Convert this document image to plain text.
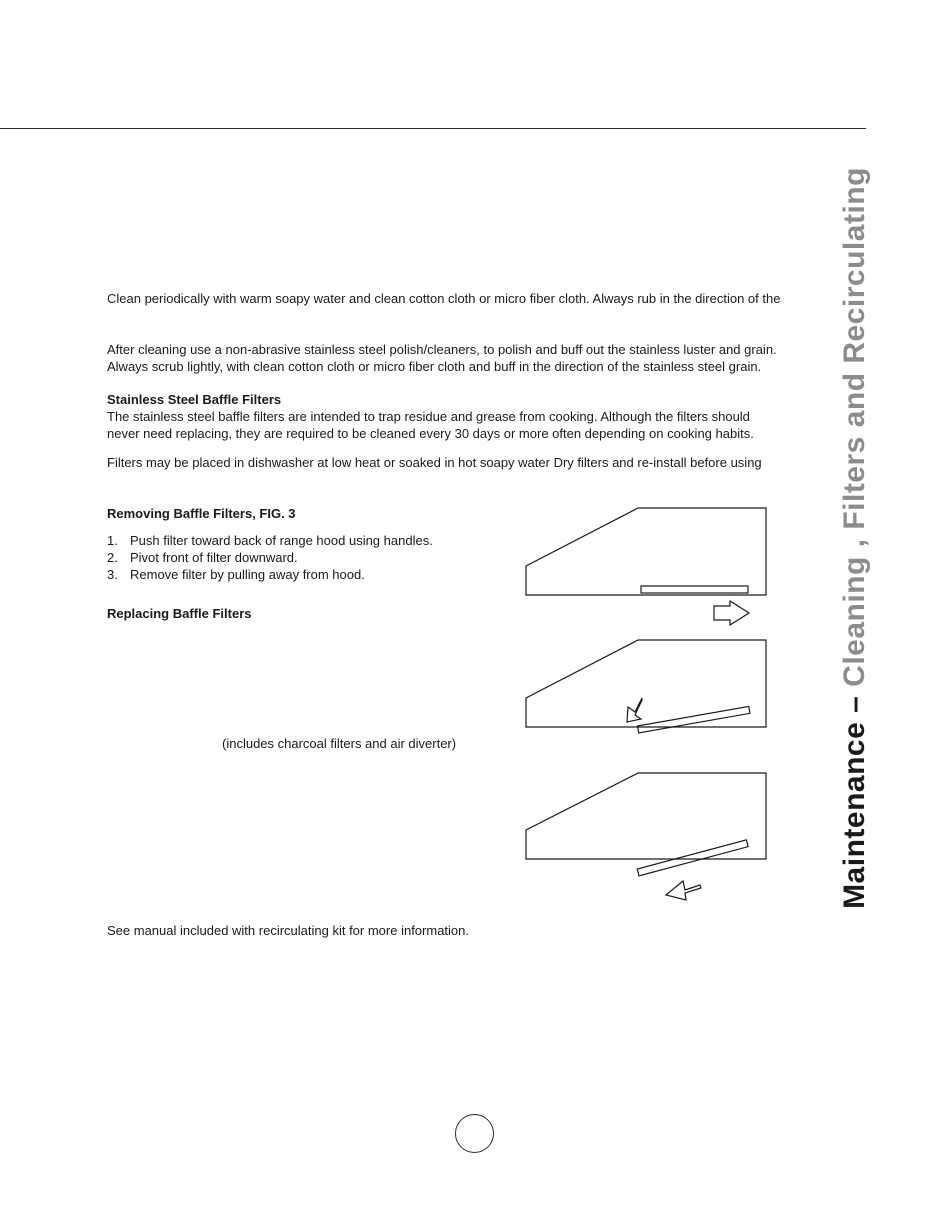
Clean periodically with warm soapy water and clean cotton cloth or micro fiber cloth. Always rub in the direction of the
After cleaning use a non-abrasive stainless steel polish/cleaners, to polish and buff out the stainless luster and grain.
Always scrub lightly, with clean cotton cloth or micro fiber cloth and buff in the direction of the stainless steel grain.
Stainless Steel Baffle Filters
The stainless steel baffle filters are intended to trap residue and grease from cooking. Although the filters should
never need replacing, they are required to be cleaned every 30 days or more often depending on cooking habits.
Filters may be placed in dishwasher at low heat or soaked in hot soapy water Dry filters and re-install before using
Removing Baffle Filters, FIG. 3
1. Push filter toward back of range hood using handles.
2. Pivot front of filter downward.
3. Remove filter by pulling away from hood.
Replacing Baffle Filters
(includes charcoal filters and air diverter)
See manual included with recirculating kit for more information.
Maintenance – Cleaning , Filters and Recirculating
